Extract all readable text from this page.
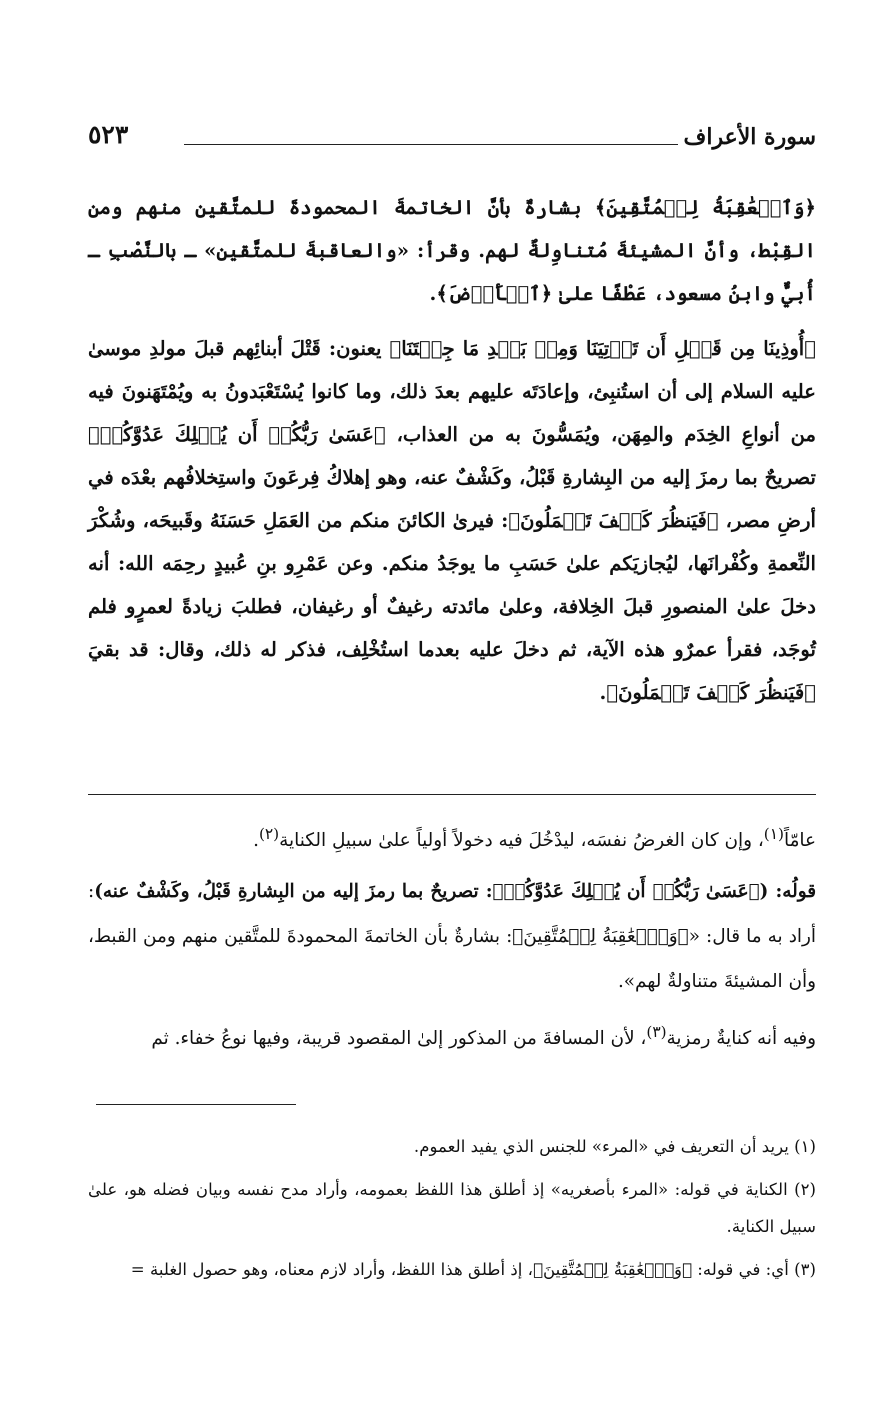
سورة الأعراف
٥٢٣

﴿وَٱلۡعَٰقِبَةُ لِلۡمُتَّقِينَ﴾ بشارةٌ بأنَّ الخاتمةَ المحمودةَ للمتَّقين منهم ومن القِبْط، وأنَّ المشيئةَ مُتناوِلةٌ لهم. وقرأ: «والعاقبةَ للمتَّقين» ـ بالنَّصْبِ ـ أُبيٌّ وابنُ مسعود، عَطْفًا علىٰ ﴿ٱلۡأَرۡضَ﴾.

﴿أُوذِينَا مِن قَبۡلِ أَن تَأۡتِيَنَا وَمِنۢ بَعۡدِ مَا جِئۡتَنَا﴾ يعنون: قَتْلَ أبنائِهم قبلَ مولدِ موسىٰ عليه السلام إلى أن استُنبِئ، وإعادَتَه عليهم بعدَ ذلك، وما كانوا يُسْتَعْبَدونُ به ويُمْتَهَنونَ فيه من أنواعِ الخِدَم والمِهَن، ويُمَسُّونَ به من العذاب، ﴿عَسَىٰ رَبُّكُمۡ أَن يُهۡلِكَ عَدُوَّكُمۡ﴾ تصريحٌ بما رمزَ إليه من البِشارةِ قَبْلُ، وكَشْفٌ عنه، وهو إهلاكُ فِرعَونَ واستِخلافُهم بعْدَه في أرضِ مصر، ﴿فَيَنظُرَ كَيۡفَ تَعۡمَلُونَ﴾: فيرىٰ الكائنَ منكم من العَمَلِ حَسَنَهُ وقَبيحَه، وشُكْرَ النِّعمةِ وكُفْرانَها، ليُجازيَكم علىٰ حَسَبِ ما يوجَدُ منكم. وعن عَمْرِو بنِ عُبيدٍ رحِمَه الله: أنه دخلَ علىٰ المنصورِ قبلَ الخِلافة، وعلىٰ مائدته رغيفٌ أو رغيفان، فطلبَ زيادةً لعمرٍو فلم تُوجَد، فقرأ عمرٌو هذه الآية، ثم دخلَ عليه بعدما استُخْلِف، فذكر له ذلك، وقال: قد بقيَ ﴿فَيَنظُرَ كَيۡفَ تَعۡمَلُونَ﴾.

عامّاً$^{(١)}$، وإن كان الغرضُ نفسَه، ليدْخُلَ فيه دخولاً أولياً علىٰ سبيلِ الكناية$^{(٢)}$.

قولُه: (﴿عَسَىٰ رَبُّكُمۡ أَن يُهۡلِكَ عَدُوَّكُمۡ﴾: تصريحٌ بما رمزَ إليه من البِشارةِ قَبْلُ، وكَشْفٌ عنه): أراد به ما قال: «﴿وَٱلۡعَٰقِبَةُ لِلۡمُتَّقِينَ﴾: بشارةٌ بأن الخاتمةَ المحمودةَ للمتَّقين منهم ومن القبط، وأن المشيئةَ متناولةٌ لهم».

وفيه أنه كنايةٌ رمزية$^{(٣)}$، لأن المسافةَ من المذكور إلىٰ المقصود قريبة، وفيها نوعُ خفاء. ثم

(١) يريد أن التعريف في «المرء» للجنس الذي يفيد العموم.

(٢) الكناية في قوله: «المرء بأصغريه» إذ أطلق هذا اللفظ بعمومه، وأراد مدح نفسه وبيان فضله هو، علىٰ سبيل الكناية.

(٣) أي: في قوله: ﴿وَٱلۡعَٰقِبَةُ لِلۡمُتَّقِينَ﴾، إذ أطلق هذا اللفظ، وأراد لازم معناه، وهو حصول الغلبة =
